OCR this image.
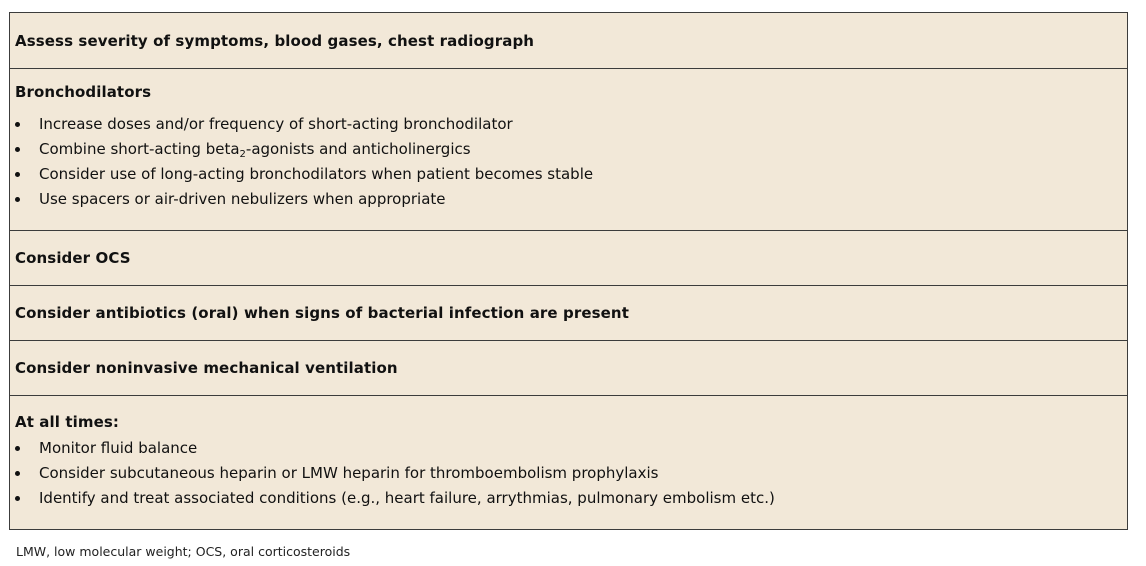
Assess severity of symptoms, blood gases, chest radiograph
Bronchodilators
Increase doses and/or frequency of short-acting bronchodilator
Combine short-acting beta$_2$-agonists and anticholinergics
Consider use of long-acting bronchodilators when patient becomes stable
Use spacers or air-driven nebulizers when appropriate
Consider OCS
Consider antibiotics (oral) when signs of bacterial infection are present
Consider noninvasive mechanical ventilation
At all times:
Monitor fluid balance
Consider subcutaneous heparin or LMW heparin for thromboembolism prophylaxis
Identify and treat associated conditions (e.g., heart failure, arrythmias, pulmonary embolism etc.)
LMW, low molecular weight; OCS, oral corticosteroids
